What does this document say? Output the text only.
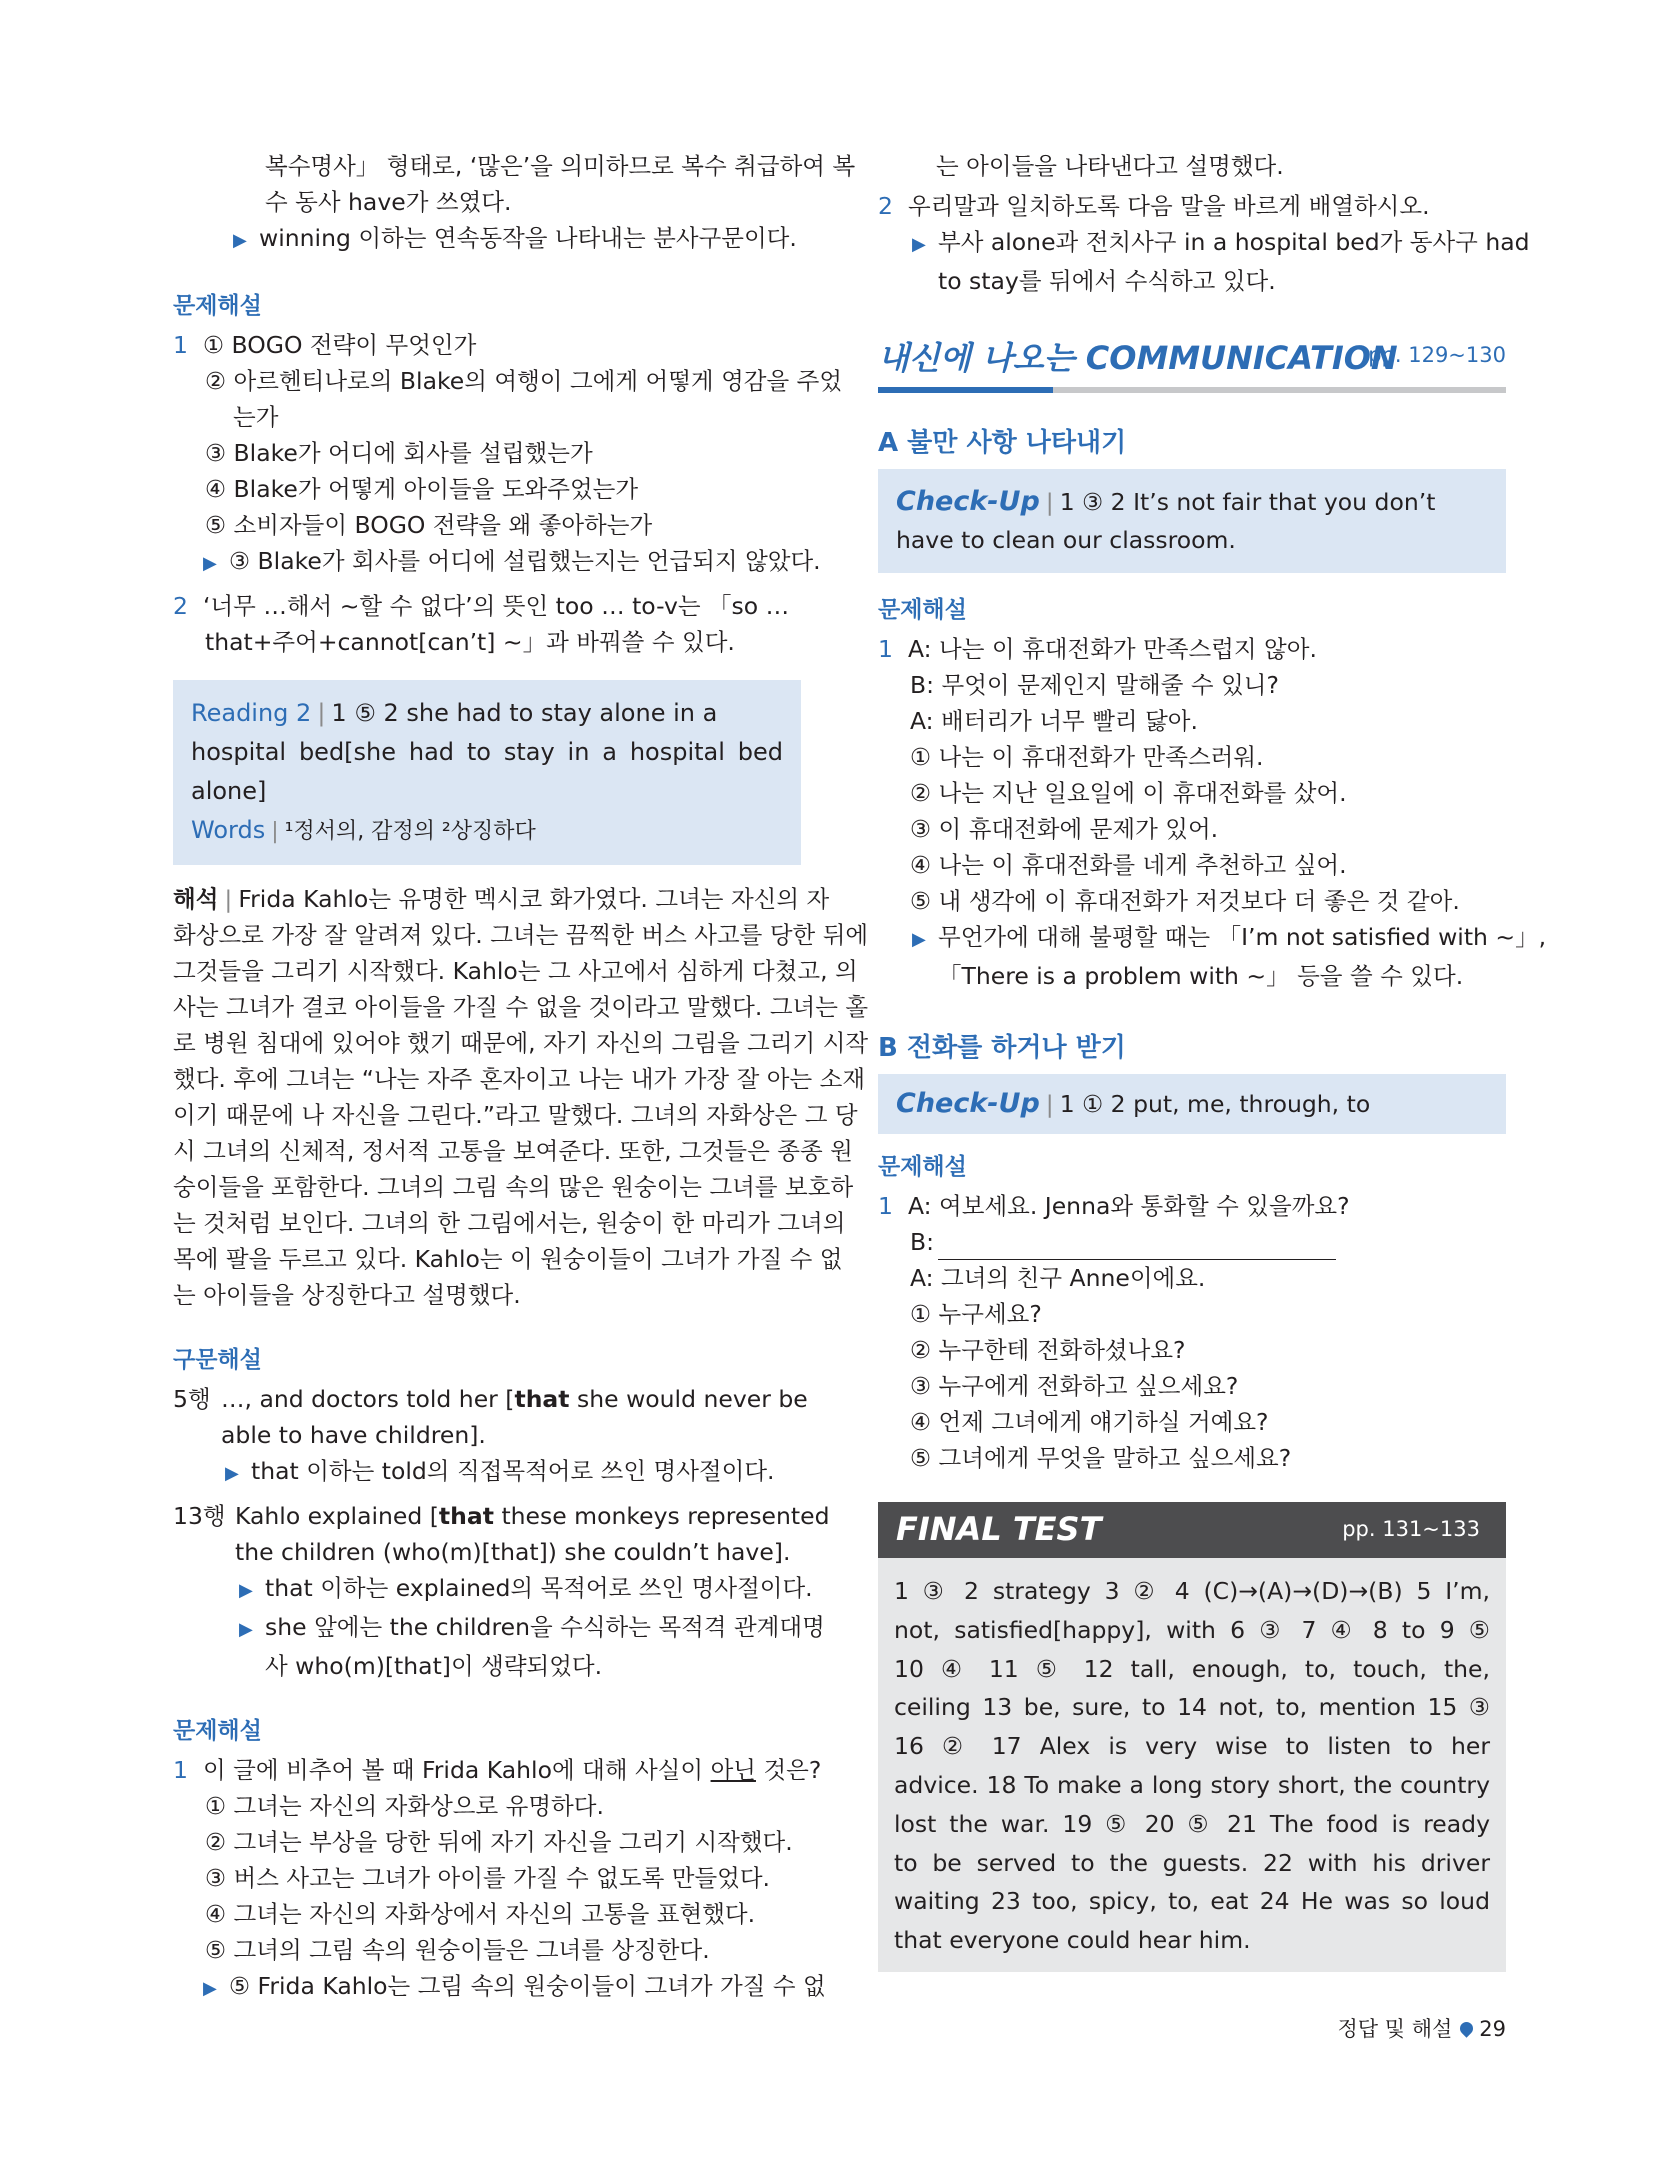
복수명사」 형태로, ‘많은’을 의미하므로 복수 취급하여 복

수 동사 have가 쓰였다.

▶ winning 이하는 연속동작을 나타내는 분사구문이다.

문제해설

1 ① BOGO 전략이 무엇인가

② 아르헨티나로의 Blake의 여행이 그에게 어떻게 영감을 주었

는가

③ Blake가 어디에 회사를 설립했는가

④ Blake가 어떻게 아이들을 도와주었는가

⑤ 소비자들이 BOGO 전략을 왜 좋아하는가

▶ ③ Blake가 회사를 어디에 설립했는지는 언급되지 않았다.

2 ‘너무 …해서 ~할 수 없다’의 뜻인 too … to-v는 「so …

that+주어+cannot[can’t] ~」과 바꿔쓸 수 있다.

Reading 2 | 1 ⑤ 2 she had to stay alone in a

hospital bed[she had to stay in a hospital bed

alone]

Words | ¹정서의, 감정의 ²상징하다

해석 | Frida Kahlo는 유명한 멕시코 화가였다. 그녀는 자신의 자

화상으로 가장 잘 알려져 있다. 그녀는 끔찍한 버스 사고를 당한 뒤에

그것들을 그리기 시작했다. Kahlo는 그 사고에서 심하게 다쳤고, 의

사는 그녀가 결코 아이들을 가질 수 없을 것이라고 말했다. 그녀는 홀

로 병원 침대에 있어야 했기 때문에, 자기 자신의 그림을 그리기 시작

했다. 후에 그녀는 “나는 자주 혼자이고 나는 내가 가장 잘 아는 소재

이기 때문에 나 자신을 그린다.”라고 말했다. 그녀의 자화상은 그 당

시 그녀의 신체적, 정서적 고통을 보여준다. 또한, 그것들은 종종 원

숭이들을 포함한다. 그녀의 그림 속의 많은 원숭이는 그녀를 보호하

는 것처럼 보인다. 그녀의 한 그림에서는, 원숭이 한 마리가 그녀의

목에 팔을 두르고 있다. Kahlo는 이 원숭이들이 그녀가 가질 수 없

는 아이들을 상징한다고 설명했다.

구문해설

5행 …, and doctors told her [that she would never be

able to have children].

▶ that 이하는 told의 직접목적어로 쓰인 명사절이다.

13행 Kahlo explained [that these monkeys represented

the children (who(m)[that]) she couldn’t have].

▶ that 이하는 explained의 목적어로 쓰인 명사절이다.

▶ she 앞에는 the children을 수식하는 목적격 관계대명

사 who(m)[that]이 생략되었다.

문제해설

1 이 글에 비추어 볼 때 Frida Kahlo에 대해 사실이 아닌 것은?

① 그녀는 자신의 자화상으로 유명하다.

② 그녀는 부상을 당한 뒤에 자기 자신을 그리기 시작했다.

③ 버스 사고는 그녀가 아이를 가질 수 없도록 만들었다.

④ 그녀는 자신의 자화상에서 자신의 고통을 표현했다.

⑤ 그녀의 그림 속의 원숭이들은 그녀를 상징한다.

▶ ⑤ Frida Kahlo는 그림 속의 원숭이들이 그녀가 가질 수 없

는 아이들을 나타낸다고 설명했다.

2 우리말과 일치하도록 다음 말을 바르게 배열하시오.

▶ 부사 alone과 전치사구 in a hospital bed가 동사구 had

to stay를 뒤에서 수식하고 있다.

내신에 나오는 COMMUNICATION
pp. 129~130

A 불만 사항 나타내기

Check-Up | 1 ③ 2 It’s not fair that you don’t

have to clean our classroom.

문제해설

1 A: 나는 이 휴대전화가 만족스럽지 않아.

B: 무엇이 문제인지 말해줄 수 있니?

A: 배터리가 너무 빨리 닳아.

① 나는 이 휴대전화가 만족스러워.

② 나는 지난 일요일에 이 휴대전화를 샀어.

③ 이 휴대전화에 문제가 있어.

④ 나는 이 휴대전화를 네게 추천하고 싶어.

⑤ 내 생각에 이 휴대전화가 저것보다 더 좋은 것 같아.

▶ 무언가에 대해 불평할 때는 「I’m not satisfied with ~」,

「There is a problem with ~」 등을 쓸 수 있다.

B 전화를 하거나 받기

Check-Up | 1 ① 2 put, me, through, to

문제해설

1 A: 여보세요. Jenna와 통화할 수 있을까요?

B:

A: 그녀의 친구 Anne이에요.

① 누구세요?

② 누구한테 전화하셨나요?

③ 누구에게 전화하고 싶으세요?

④ 언제 그녀에게 얘기하실 거예요?

⑤ 그녀에게 무엇을 말하고 싶으세요?

FINAL TEST	pp. 131~133

1 ③ 2 strategy 3 ② 4 (C)→(A)→(D)→(B) 5 I’m,

not, satisfied[happy], with 6 ③ 7 ④ 8 to 9 ⑤

10 ④ 11 ⑤ 12 tall, enough, to, touch, the,

ceiling 13 be, sure, to 14 not, to, mention 15 ③

16 ② 17 Alex is very wise to listen to her

advice. 18 To make a long story short, the country

lost the war. 19 ⑤ 20 ⑤ 21 The food is ready

to be served to the guests. 22 with his driver

waiting 23 too, spicy, to, eat 24 He was so loud

that everyone could hear him.

정답 및 해설 29
